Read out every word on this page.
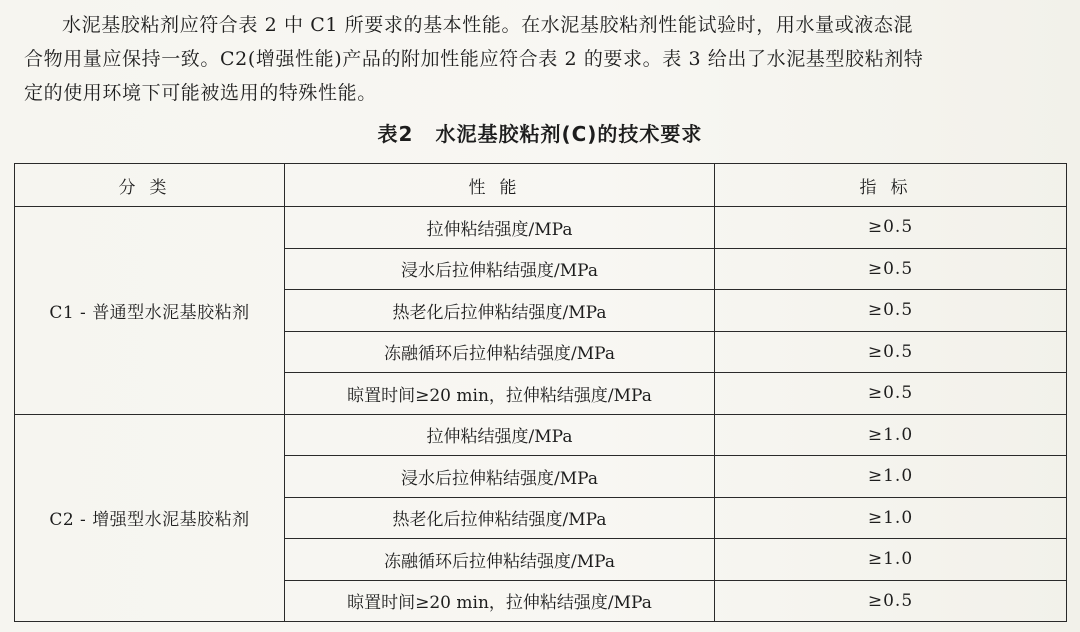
水泥基胶粘剂应符合表 2 中 C1 所要求的基本性能。在水泥基胶粘剂性能试验时，用水量或液态混
合物用量应保持一致。C2(增强性能)产品的附加性能应符合表 2 的要求。表 3 给出了水泥基型胶粘剂特
定的使用环境下可能被选用的特殊性能。

表2 水泥基胶粘剂(C)的技术要求
分类	性能	指标
C1 - 普通型水泥基胶粘剂	拉伸粘结强度/MPa	≥0.5
	浸水后拉伸粘结强度/MPa	≥0.5
	热老化后拉伸粘结强度/MPa	≥0.5
	冻融循环后拉伸粘结强度/MPa	≥0.5
	晾置时间≥20 min，拉伸粘结强度/MPa	≥0.5
C2 - 增强型水泥基胶粘剂	拉伸粘结强度/MPa	≥1.0
	浸水后拉伸粘结强度/MPa	≥1.0
	热老化后拉伸粘结强度/MPa	≥1.0
	冻融循环后拉伸粘结强度/MPa	≥1.0
	晾置时间≥20 min，拉伸粘结强度/MPa	≥0.5
